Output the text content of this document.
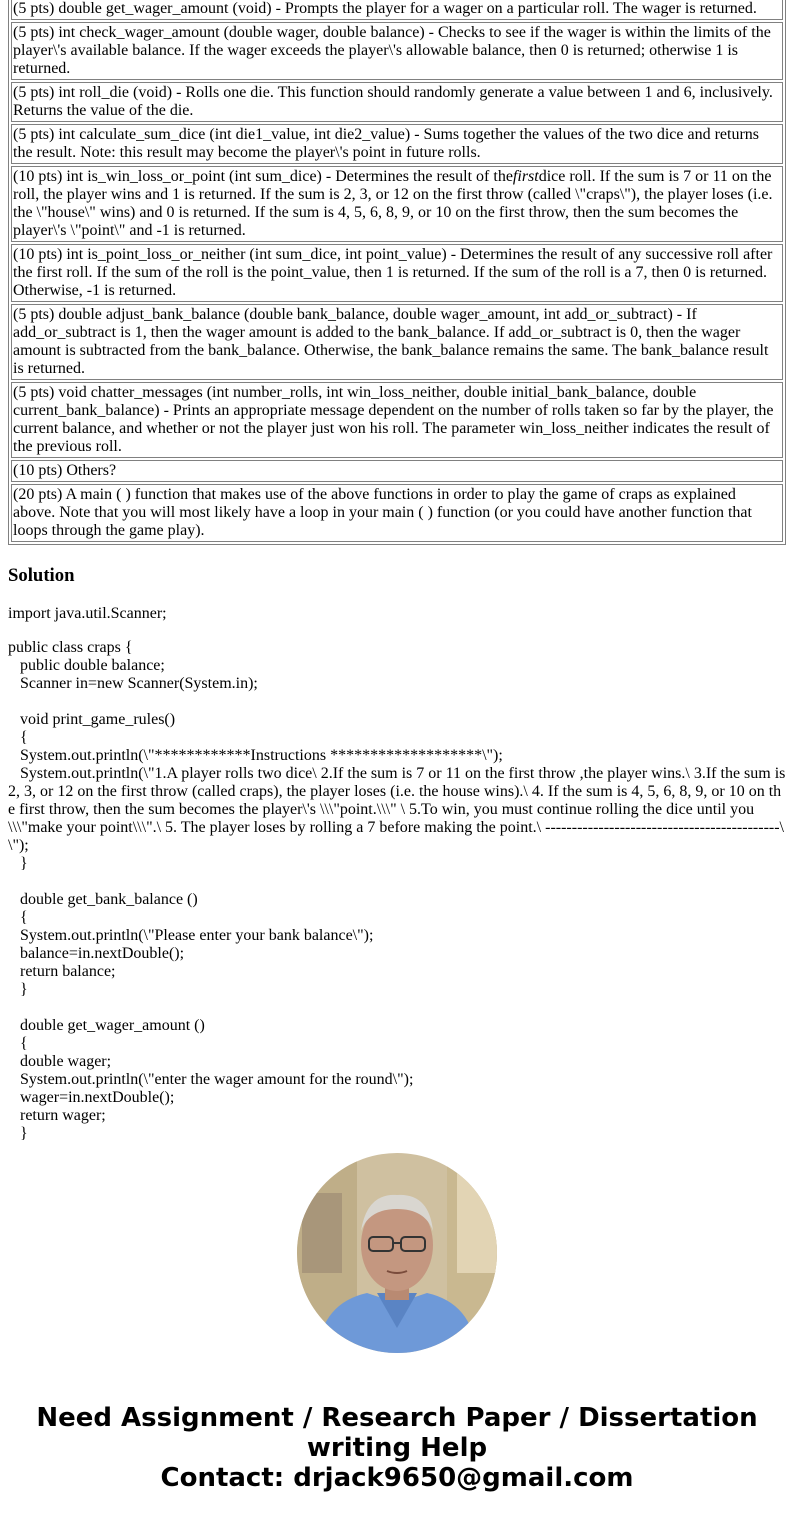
(5 pts) double get_wager_amount (void) - Prompts the player for a wager on a particular roll. The wager is returned.
(5 pts) int check_wager_amount (double wager, double balance) - Checks to see if the wager is within the limits of the player\'s available balance. If the wager exceeds the player\'s allowable balance, then 0 is returned; otherwise 1 is returned.
(5 pts) int roll_die (void) - Rolls one die. This function should randomly generate a value between 1 and 6, inclusively. Returns the value of the die.
(5 pts) int calculate_sum_dice (int die1_value, int die2_value) - Sums together the values of the two dice and returns the result. Note: this result may become the player\'s point in future rolls.
(10 pts) int is_win_loss_or_point (int sum_dice) - Determines the result of thefirstdice roll. If the sum is 7 or 11 on the roll, the player wins and 1 is returned. If the sum is 2, 3, or 12 on the first throw (called \"craps\"), the player loses (i.e. the \"house\" wins) and 0 is returned. If the sum is 4, 5, 6, 8, 9, or 10 on the first throw, then the sum becomes the player\'s \"point\" and -1 is returned.
(10 pts) int is_point_loss_or_neither (int sum_dice, int point_value) - Determines the result of any successive roll after the first roll. If the sum of the roll is the point_value, then 1 is returned. If the sum of the roll is a 7, then 0 is returned. Otherwise, -1 is returned.
(5 pts) double adjust_bank_balance (double bank_balance, double wager_amount, int add_or_subtract) - If add_or_subtract is 1, then the wager amount is added to the bank_balance. If add_or_subtract is 0, then the wager amount is subtracted from the bank_balance. Otherwise, the bank_balance remains the same. The bank_balance result is returned.
(5 pts) void chatter_messages (int number_rolls, int win_loss_neither, double initial_bank_balance, double current_bank_balance) - Prints an appropriate message dependent on the number of rolls taken so far by the player, the current balance, and whether or not the player just won his roll. The parameter win_loss_neither indicates the result of the previous roll.
(10 pts) Others?
(20 pts) A main ( ) function that makes use of the above functions in order to play the game of craps as explained above. Note that you will most likely have a loop in your main ( ) function (or you could have another function that loops through the game play).
Solution
import java.util.Scanner;
public class craps {
public double balance;
Scanner in=new Scanner(System.in);

void print_game_rules()
{
System.out.println(\"************Instructions *******************\");
System.out.println(\"1.A player rolls two dice\ 2.If the sum is 7 or 11 on the first throw ,the player wins.\ 3.If the sum is 2, 3, or 12 on the first throw (called craps), the player loses (i.e. the house wins).\ 4. If the sum is 4, 5, 6, 8, 9, or 10 on the first throw, then the sum becomes the player\'s \\\"point.\\\" \ 5.To win, you must continue rolling the dice until you \\\"make your point\\\".\ 5. The player loses by rolling a 7 before making the point.\ --------------------------------------------\ \");
}

double get_bank_balance ()
{
System.out.println(\"Please enter your bank balance\");
balance=in.nextDouble();
return balance;
}

double get_wager_amount ()
{
double wager;
System.out.println(\"enter the wager amount for the round\");
wager=in.nextDouble();
return wager;
}
Need Assignment / Research Paper / Dissertation
writing Help
Contact: drjack9650@gmail.com
